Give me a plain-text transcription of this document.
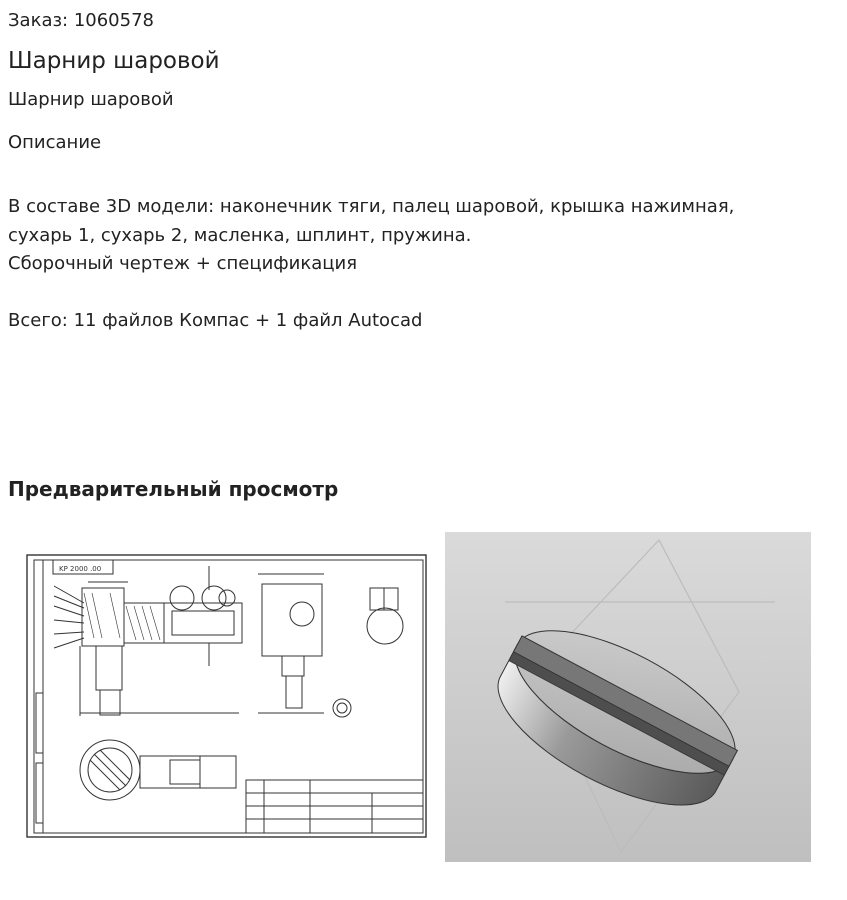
Заказ: 1060578
Шарнир шаровой
Шарнир шаровой
Описание
В составе 3D модели: наконечник тяги, палец шаровой, крышка нажимная,
сухарь 1, сухарь 2, масленка, шплинт, пружина.
Сборочный чертеж + спецификация
Всего: 11 файлов Компас + 1 файл Autocad
Предварительный просмотр
KP 2000 .00
